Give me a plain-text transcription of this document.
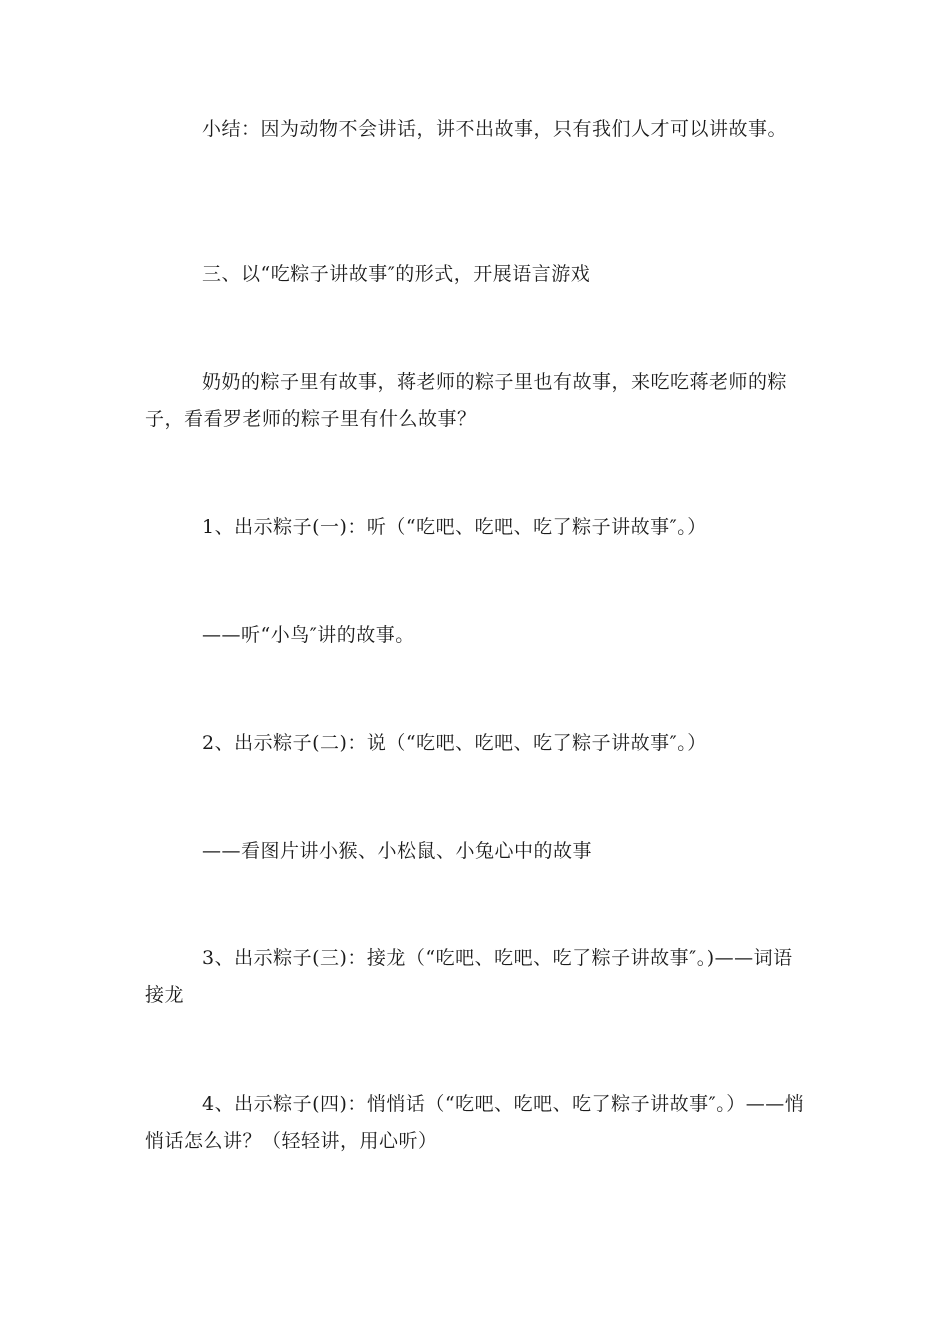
小结：因为动物不会讲话，讲不出故事，只有我们人才可以讲故事。

三、以“吃粽子讲故事″的形式，开展语言游戏

奶奶的粽子里有故事，蒋老师的粽子里也有故事，来吃吃蒋老师的粽子，看看罗老师的粽子里有什么故事？

1、出示粽子(一)：听（“吃吧、吃吧、吃了粽子讲故事″。）

——听“小鸟″讲的故事。

2、出示粽子(二)：说（“吃吧、吃吧、吃了粽子讲故事″。）

——看图片讲小猴、小松鼠、小兔心中的故事

3、出示粽子(三)：接龙（“吃吧、吃吧、吃了粽子讲故事″。)——词语接龙

4、出示粽子(四)：悄悄话（“吃吧、吃吧、吃了粽子讲故事″。）——悄悄话怎么讲？（轻轻讲，用心听）
